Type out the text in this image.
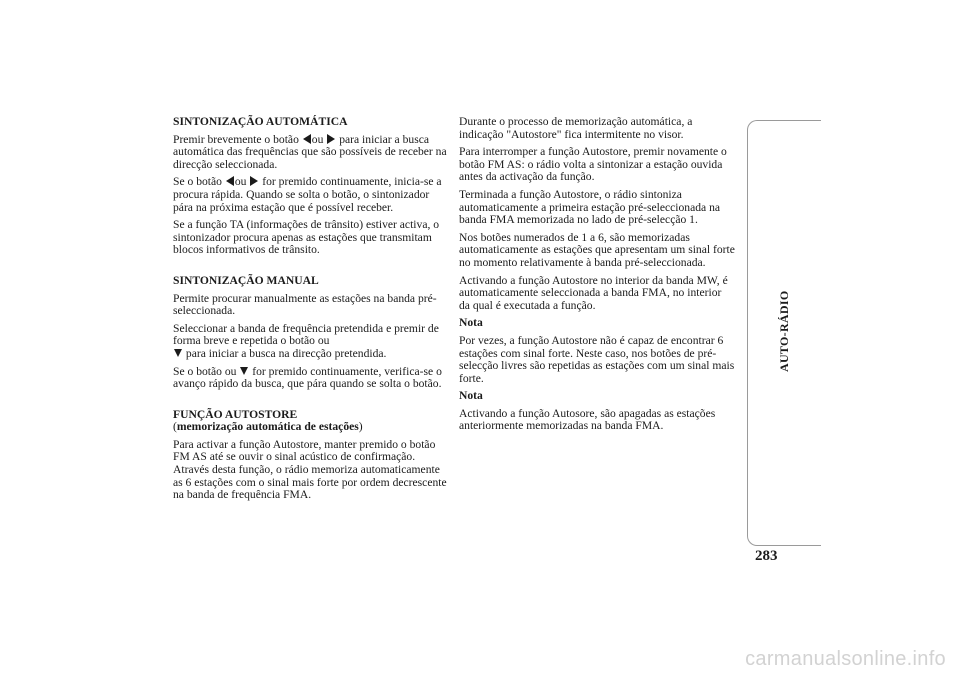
SINTONIZAÇÃO AUTOMÁTICA

Premir brevemente o botão ou para iniciar a busca automática das frequências que são possíveis de receber na direcção seleccionada.

Se o botão ou for premido continuamente, inicia-se a procura rápida. Quando se solta o botão, o sintonizador pára na próxima estação que é possível receber.

Se a função TA (informações de trânsito) estiver activa, o sintonizador procura apenas as estações que transmitam blocos informativos de trânsito.

SINTONIZAÇÃO MANUAL

Permite procurar manualmente as estações na banda pré-seleccionada.

Seleccionar a banda de frequência pretendida e premir de forma breve e repetida o botão ou
para iniciar a busca na direcção pretendida.

Se o botão ou for premido continuamente, verifica-se o avanço rápido da busca, que pára quando se solta o botão.

FUNÇÃO AUTOSTORE
(memorização automática de estações)

Para activar a função Autostore, manter premido o botão FM AS até se ouvir o sinal acústico de confirmação. Através desta função, o rádio memoriza automaticamente as 6 estações com o sinal mais forte por ordem decrescente na banda de frequência FMA.

Durante o processo de memorização automática, a indicação "Autostore" fica intermitente no visor.

Para interromper a função Autostore, premir novamente o botão FM AS: o rádio volta a sintonizar a estação ouvida antes da activação da função.

Terminada a função Autostore, o rádio sintoniza automaticamente a primeira estação pré-seleccionada na banda FMA memorizada no lado de pré-selecção 1.

Nos botões numerados de 1 a 6, são memorizadas automaticamente as estações que apresentam um sinal forte no momento relativamente à banda pré-seleccionada.

Activando a função Autostore no interior da banda MW, é automaticamente seleccionada a banda FMA, no interior da qual é executada a função.

Nota

Por vezes, a função Autostore não é capaz de encontrar 6 estações com sinal forte. Neste caso, nos botões de pré-selecção livres são repetidas as estações com um sinal mais forte.

Nota

Activando a função Autosore, são apagadas as estações anteriormente memorizadas na banda FMA.

AUTO-RÁDIO
283
carmanualsonline.info
